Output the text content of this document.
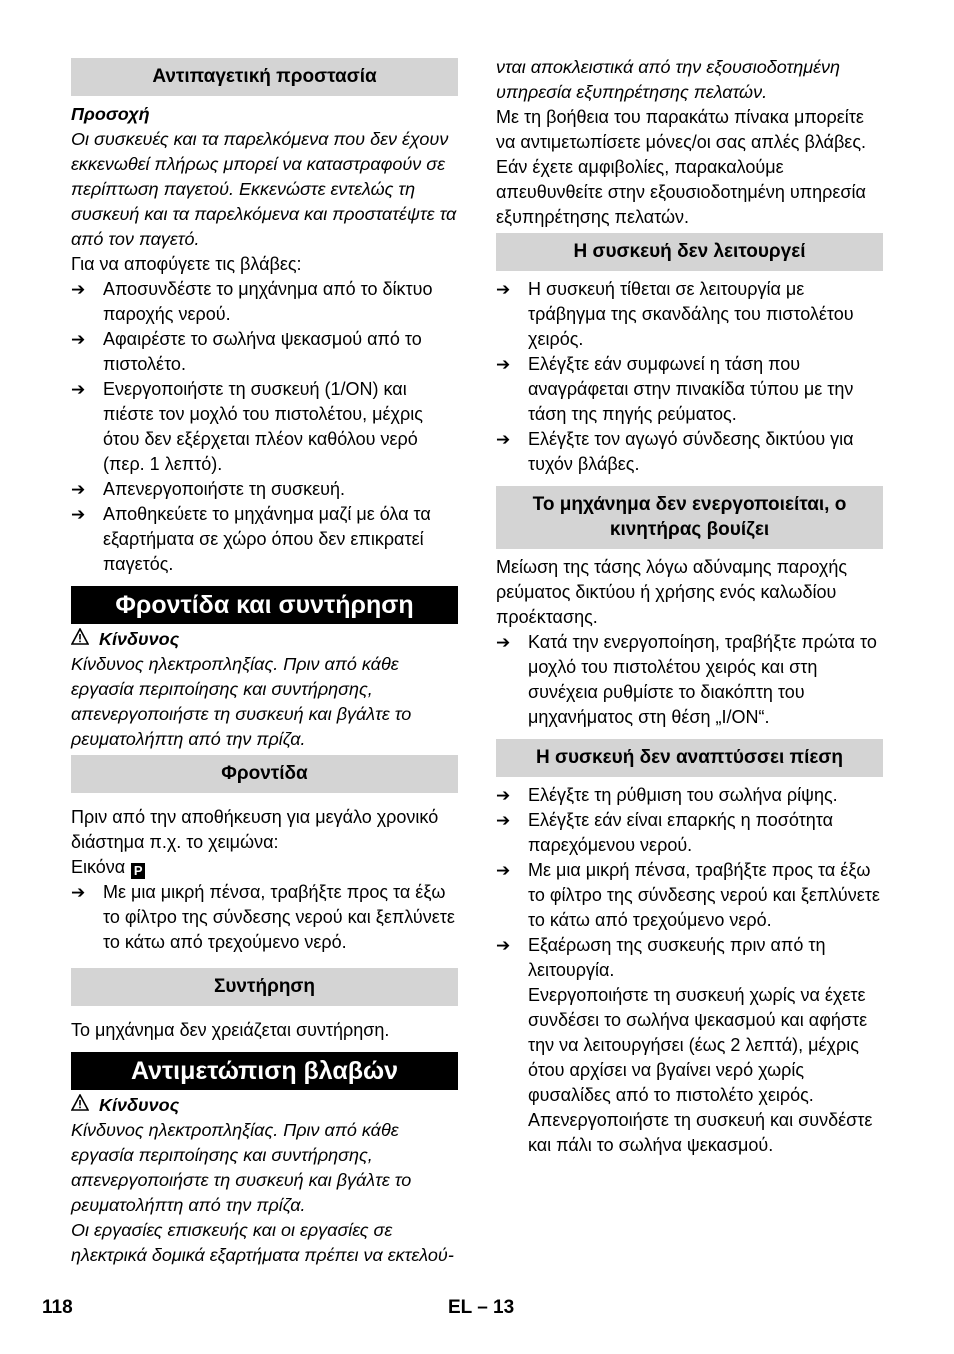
Αντιπαγετική προστασία

Προσοχή

Οι συσκευές και τα παρελκόμενα που δεν έχουν εκκενωθεί πλήρως μπορεί να καταστραφούν σε περίπτωση παγετού. Εκκενώστε εντελώς τη συσκευή και τα παρελκόμενα και προστατέψτε τα από τον παγετό.

Για να αποφύγετε τις βλάβες:

➔ Αποσυνδέστε το μηχάνημα από το δίκτυο παροχής νερού.
➔ Αφαιρέστε το σωλήνα ψεκασμού από το πιστολέτο.
➔ Ενεργοποιήστε τη συσκευή (1/ON) και πιέστε τον μοχλό του πιστολέτου, μέχρις ότου δεν εξέρχεται πλέον καθόλου νερό (περ. 1 λεπτό).
➔ Απενεργοποιήστε τη συσκευή.
➔ Αποθηκεύετε το μηχάνημα μαζί με όλα τα εξαρτήματα σε χώρο όπου δεν επικρατεί παγετός.
Φροντίδα και συντήρηση

Κίνδυνος

Κίνδυνος ηλεκτροπληξίας. Πριν από κάθε εργασία περιποίησης και συντήρησης, απενεργοποιήστε τη συσκευή και βγάλτε το ρευματολήπτη από την πρίζα.

Φροντίδα

Πριν από την αποθήκευση για μεγάλο χρονικό διάστημα π.χ. το χειμώνα:

Εικόνα P

➔ Με μια μικρή πένσα, τραβήξτε προς τα έξω το φίλτρο της σύνδεσης νερού και ξεπλύνετε το κάτω από τρεχούμενο νερό.
Συντήρηση

Το μηχάνημα δεν χρειάζεται συντήρηση.

Αντιμετώπιση βλαβών

Κίνδυνος

Κίνδυνος ηλεκτροπληξίας. Πριν από κάθε εργασία περιποίησης και συντήρησης, απενεργοποιήστε τη συσκευή και βγάλτε το ρευματολήπτη από την πρίζα.

Οι εργασίες επισκευής και οι εργασίες σε ηλεκτρικά δομικά εξαρτήματα πρέπει να εκτελού-

νται αποκλειστικά από την εξουσιοδοτημένη υπηρεσία εξυπηρέτησης πελατών.

Με τη βοήθεια του παρακάτω πίνακα μπορείτε να αντιμετωπίσετε μόνες/οι σας απλές βλάβες.

Εάν έχετε αμφιβολίες, παρακαλούμε απευθυνθείτε στην εξουσιοδοτημένη υπηρεσία εξυπηρέτησης πελατών.

Η συσκευή δεν λειτουργεί
➔ Η συσκευή τίθεται σε λειτουργία με τράβηγμα της σκανδάλης του πιστολέτου χειρός.
➔ Ελέγξτε εάν συμφωνεί η τάση που αναγράφεται στην πινακίδα τύπου με την τάση της πηγής ρεύματος.
➔ Ελέγξτε τον αγωγό σύνδεσης δικτύου για τυχόν βλάβες.
Το μηχάνημα δεν ενεργοποιείται, ο κινητήρας βουίζει

Μείωση της τάσης λόγω αδύναμης παροχής ρεύματος δικτύου ή χρήσης ενός καλωδίου προέκτασης.

➔ Κατά την ενεργοποίηση, τραβήξτε πρώτα το μοχλό του πιστολέτου χειρός και στη συνέχεια ρυθμίστε το διακόπτη του μηχανήματος στη θέση „I/ON“.
Η συσκευή δεν αναπτύσσει πίεση
➔ Ελέγξτε τη ρύθμιση του σωλήνα ρίψης.
➔ Ελέγξτε εάν είναι επαρκής η ποσότητα παρεχόμενου νερού.
➔ Με μια μικρή πένσα, τραβήξτε προς τα έξω το φίλτρο της σύνδεσης νερού και ξεπλύνετε το κάτω από τρεχούμενο νερό.
➔ Εξαέρωση της συσκευής πριν από τη λειτουργία.

Ενεργοποιήστε τη συσκευή χωρίς να έχετε συνδέσει το σωλήνα ψεκασμού και αφήστε την να λειτουργήσει (έως 2 λεπτά), μέχρις ότου αρχίσει να βγαίνει νερό χωρίς φυσαλίδες από το πιστολέτο χειρός. Απενεργοποιήστε τη συσκευή και συνδέστε και πάλι το σωλήνα ψεκασμού.

118	EL – 13
